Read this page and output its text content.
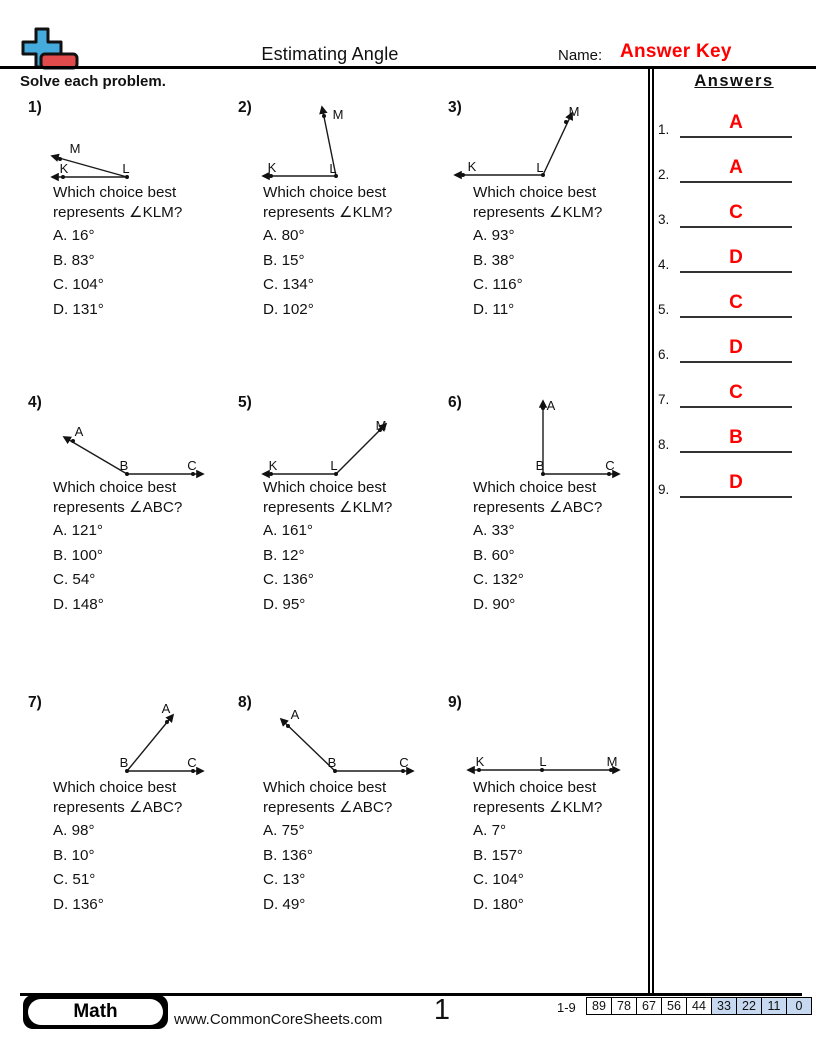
Estimating Angle	Name: Answer Key
Solve each problem.	Answers
1.	A
2.	A
3.	C
4.	D
5.	C
6.	D
7.	C
8.	B
9.	D
1)
K	L
M
Which choice best
represents ∠KLM?
A. 16°
B. 83°
C. 104°
D. 131°
2)
K	L
M
Which choice best
represents ∠KLM?
A. 80°
B. 15°
C. 134°
D. 102°
3)
K	L
M
Which choice best
represents ∠KLM?
A. 93°
B. 38°
C. 116°
D. 11°
4)
A
B	C
Which choice best
represents ∠ABC?
A. 121°
B. 100°
C. 54°
D. 148°
5)
K	L
M
Which choice best
represents ∠KLM?
A. 161°
B. 12°
C. 136°
D. 95°
6)	A
B	C
Which choice best
represents ∠ABC?
A. 33°
B. 60°
C. 132°
D. 90°
7)	A
B	C
Which choice best
represents ∠ABC?
A. 98°
B. 10°
C. 51°
D. 136°
8)
A
B	C
Which choice best
represents ∠ABC?
A. 75°
B. 136°
C. 13°
D. 49°
9)
K	L	M
Which choice best
represents ∠KLM?
A. 7°
B. 157°
C. 104°
D. 180°
Math	www.CommonCoreSheets.com	1	1-9	89 78 67 56 44 33 22 11	0
